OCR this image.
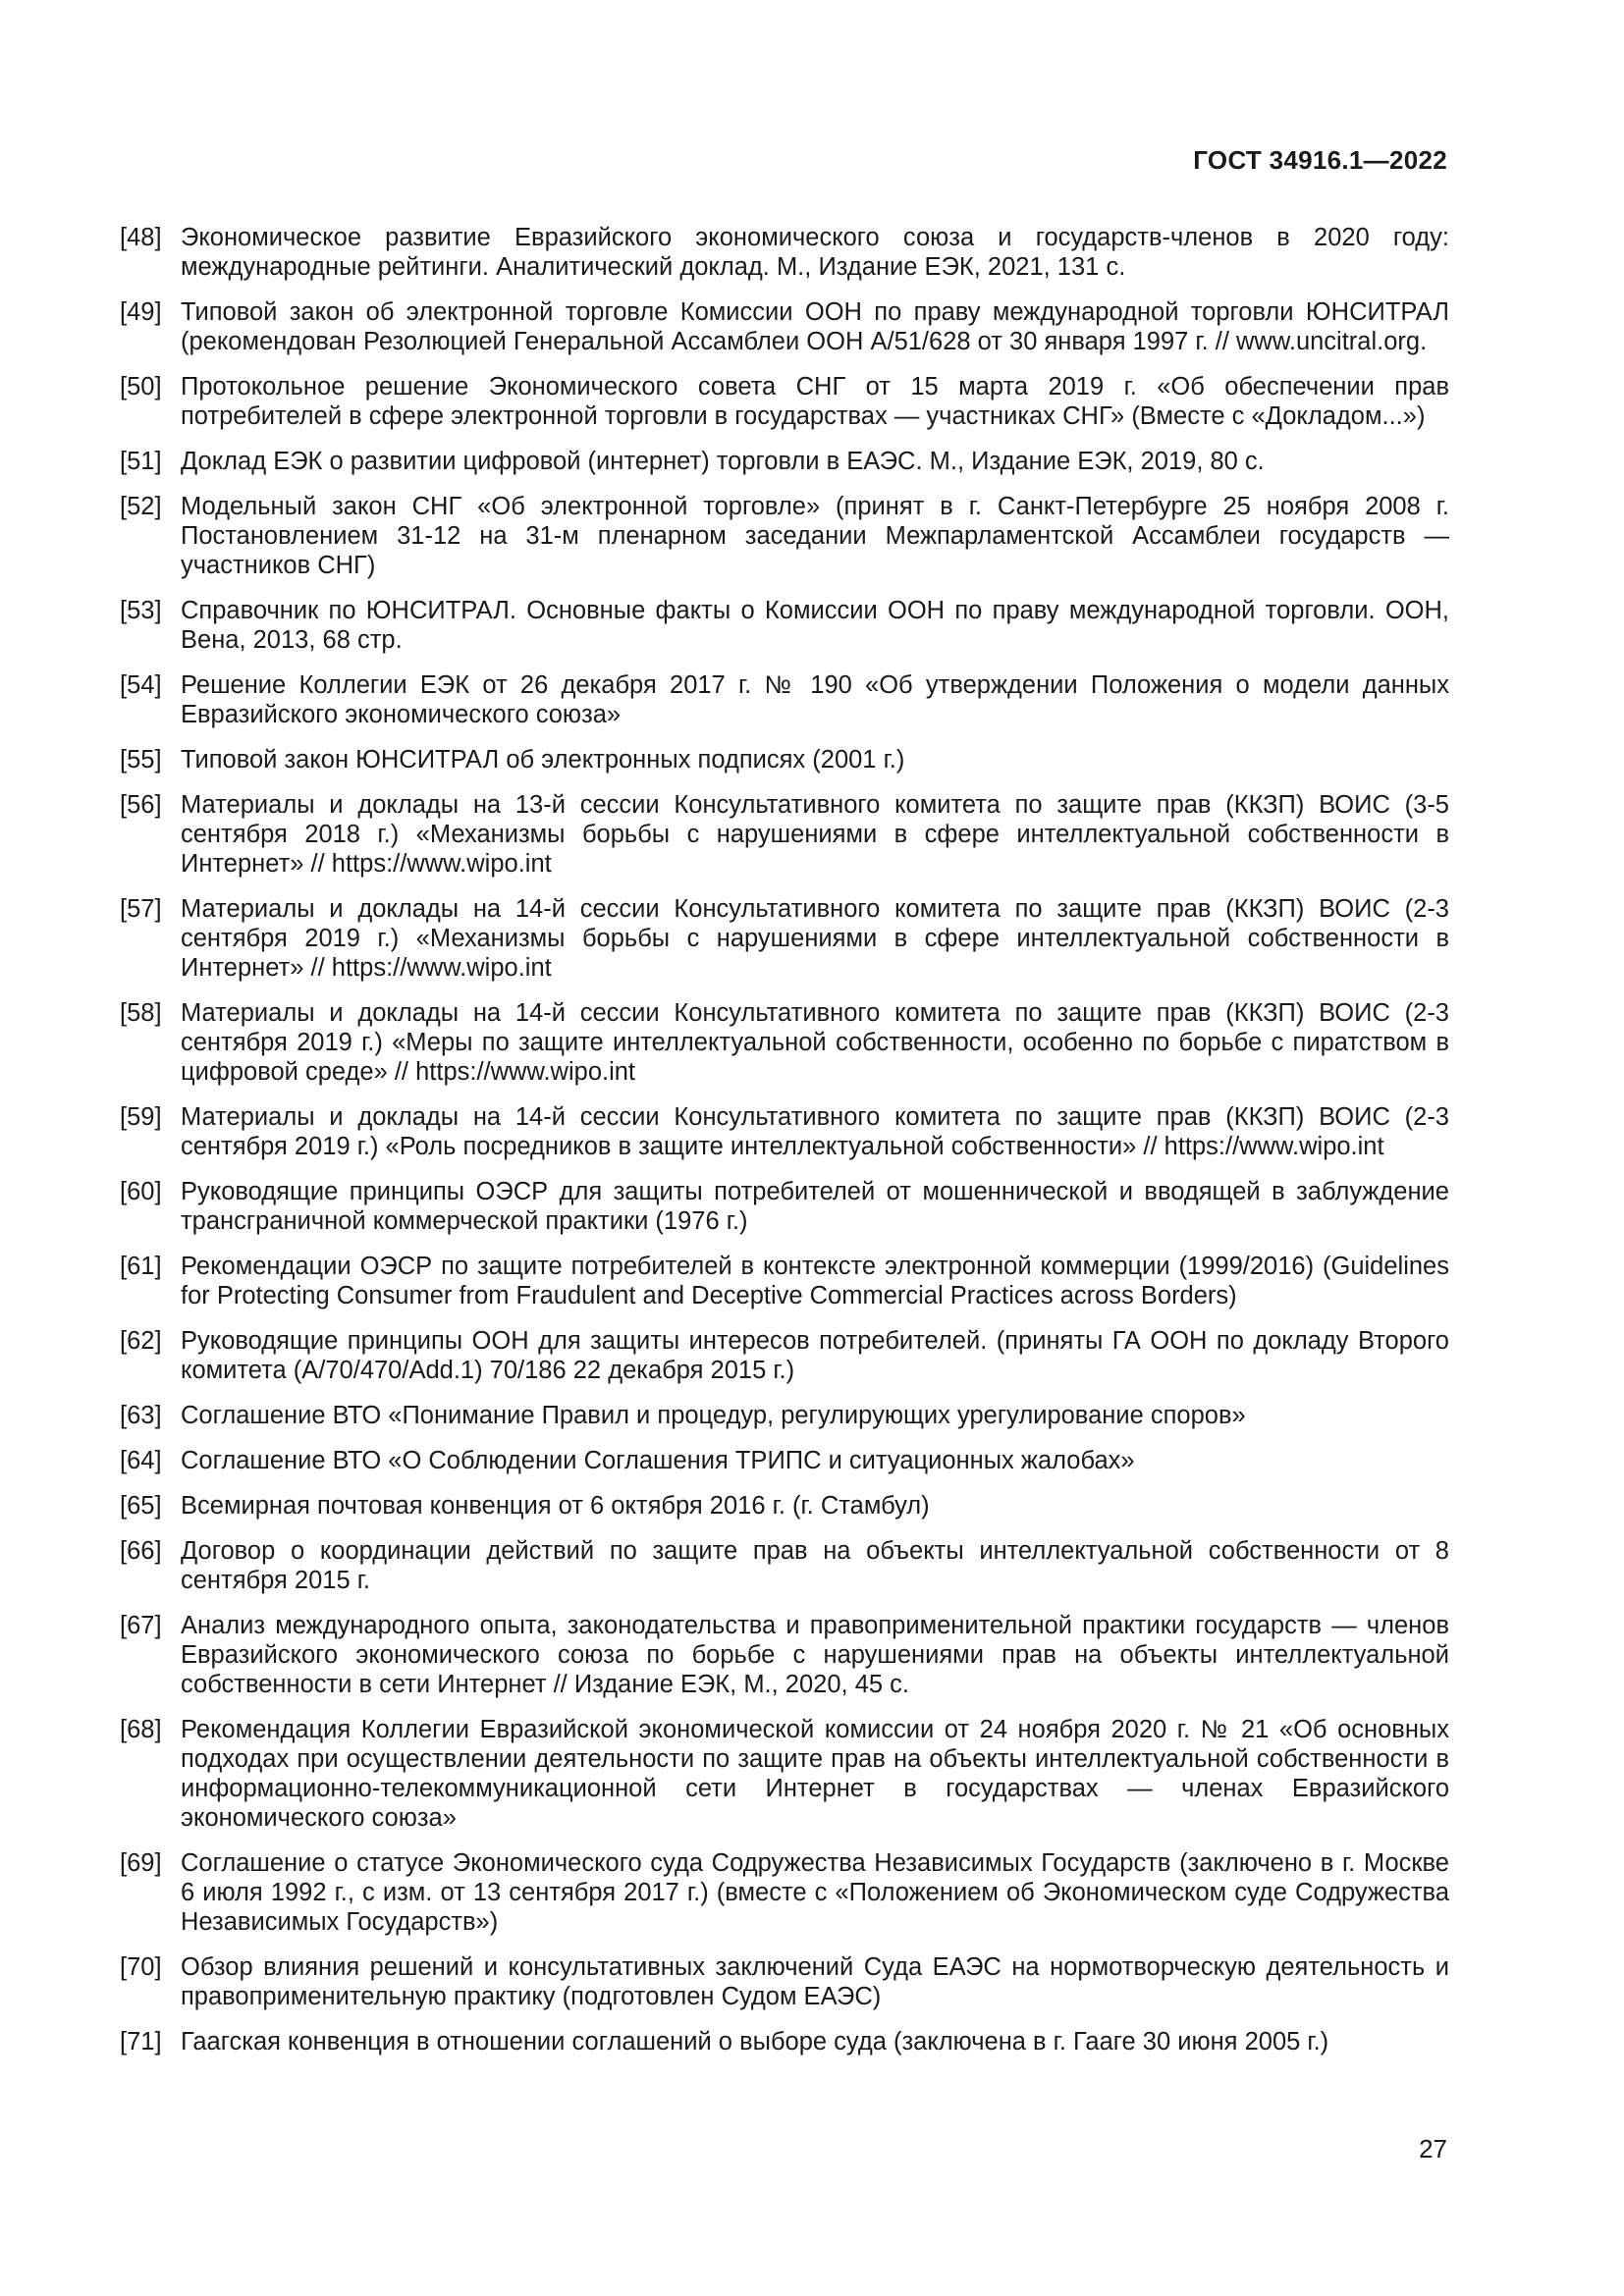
ГОСТ 34916.1—2022

[48] Экономическое развитие Евразийского экономического союза и государств-членов в 2020 году: международные рейтинги. Аналитический доклад. М., Издание ЕЭК, 2021, 131 с.
[49] Типовой закон об электронной торговле Комиссии ООН по праву международной торговли ЮНСИТРАЛ (рекомендован Резолюцией Генеральной Ассамблеи ООН A/51/628 от 30 января 1997 г. // www.uncitral.org.
[50] Протокольное решение Экономического совета СНГ от 15 марта 2019 г. «Об обеспечении прав потребителей в сфере электронной торговли в государствах — участниках СНГ» (Вместе с «Докладом...»)
[51] Доклад ЕЭК о развитии цифровой (интернет) торговли в ЕАЭС. М., Издание ЕЭК, 2019, 80 с.
[52] Модельный закон СНГ «Об электронной торговле» (принят в г. Санкт-Петербурге 25 ноября 2008 г. Постановлением 31-12 на 31-м пленарном заседании Межпарламентской Ассамблеи государств — участников СНГ)
[53] Справочник по ЮНСИТРАЛ. Основные факты о Комиссии ООН по праву международной торговли. ООН, Вена, 2013, 68 стр.
[54] Решение Коллегии ЕЭК от 26 декабря 2017 г. № 190 «Об утверждении Положения о модели данных Евразийского экономического союза»
[55] Типовой закон ЮНСИТРАЛ об электронных подписях (2001 г.)
[56] Материалы и доклады на 13-й сессии Консультативного комитета по защите прав (ККЗП) ВОИС (3-5 сентября 2018 г.) «Механизмы борьбы с нарушениями в сфере интеллектуальной собственности в Интернет» // https://www.wipo.int
[57] Материалы и доклады на 14-й сессии Консультативного комитета по защите прав (ККЗП) ВОИС (2-3 сентября 2019 г.) «Механизмы борьбы с нарушениями в сфере интеллектуальной собственности в Интернет» // https://www.wipo.int
[58] Материалы и доклады на 14-й сессии Консультативного комитета по защите прав (ККЗП) ВОИС (2-3 сентября 2019 г.) «Меры по защите интеллектуальной собственности, особенно по борьбе с пиратством в цифровой среде» // https://www.wipo.int
[59] Материалы и доклады на 14-й сессии Консультативного комитета по защите прав (ККЗП) ВОИС (2-3 сентября 2019 г.) «Роль посредников в защите интеллектуальной собственности» // https://www.wipo.int
[60] Руководящие принципы ОЭСР для защиты потребителей от мошеннической и вводящей в заблуждение трансграничной коммерческой практики (1976 г.)
[61] Рекомендации ОЭСР по защите потребителей в контексте электронной коммерции (1999/2016) (Guidelines for Protecting Consumer from Fraudulent and Deceptive Commercial Practices across Borders)
[62] Руководящие принципы ООН для защиты интересов потребителей. (приняты ГА ООН по докладу Второго комитета (A/70/470/Add.1) 70/186 22 декабря 2015 г.)
[63] Соглашение ВТО «Понимание Правил и процедур, регулирующих урегулирование споров»
[64] Соглашение ВТО «О Соблюдении Соглашения ТРИПС и ситуационных жалобах»
[65] Всемирная почтовая конвенция от 6 октября 2016 г. (г. Стамбул)
[66] Договор о координации действий по защите прав на объекты интеллектуальной собственности от 8 сентября 2015 г.
[67] Анализ международного опыта, законодательства и правоприменительной практики государств — членов Евразийского экономического союза по борьбе с нарушениями прав на объекты интеллектуальной собственности в сети Интернет // Издание ЕЭК, М., 2020, 45 с.
[68] Рекомендация Коллегии Евразийской экономической комиссии от 24 ноября 2020 г. № 21 «Об основных подходах при осуществлении деятельности по защите прав на объекты интеллектуальной собственности в информационно-телекоммуникационной сети Интернет в государствах — членах Евразийского экономического союза»
[69] Соглашение о статусе Экономического суда Содружества Независимых Государств (заключено в г. Москве 6 июля 1992 г., с изм. от 13 сентября 2017 г.) (вместе с «Положением об Экономическом суде Содружества Независимых Государств»)
[70] Обзор влияния решений и консультативных заключений Суда ЕАЭС на нормотворческую деятельность и правоприменительную практику (подготовлен Судом ЕАЭС)
[71] Гаагская конвенция в отношении соглашений о выборе суда (заключена в г. Гааге 30 июня 2005 г.)

27
